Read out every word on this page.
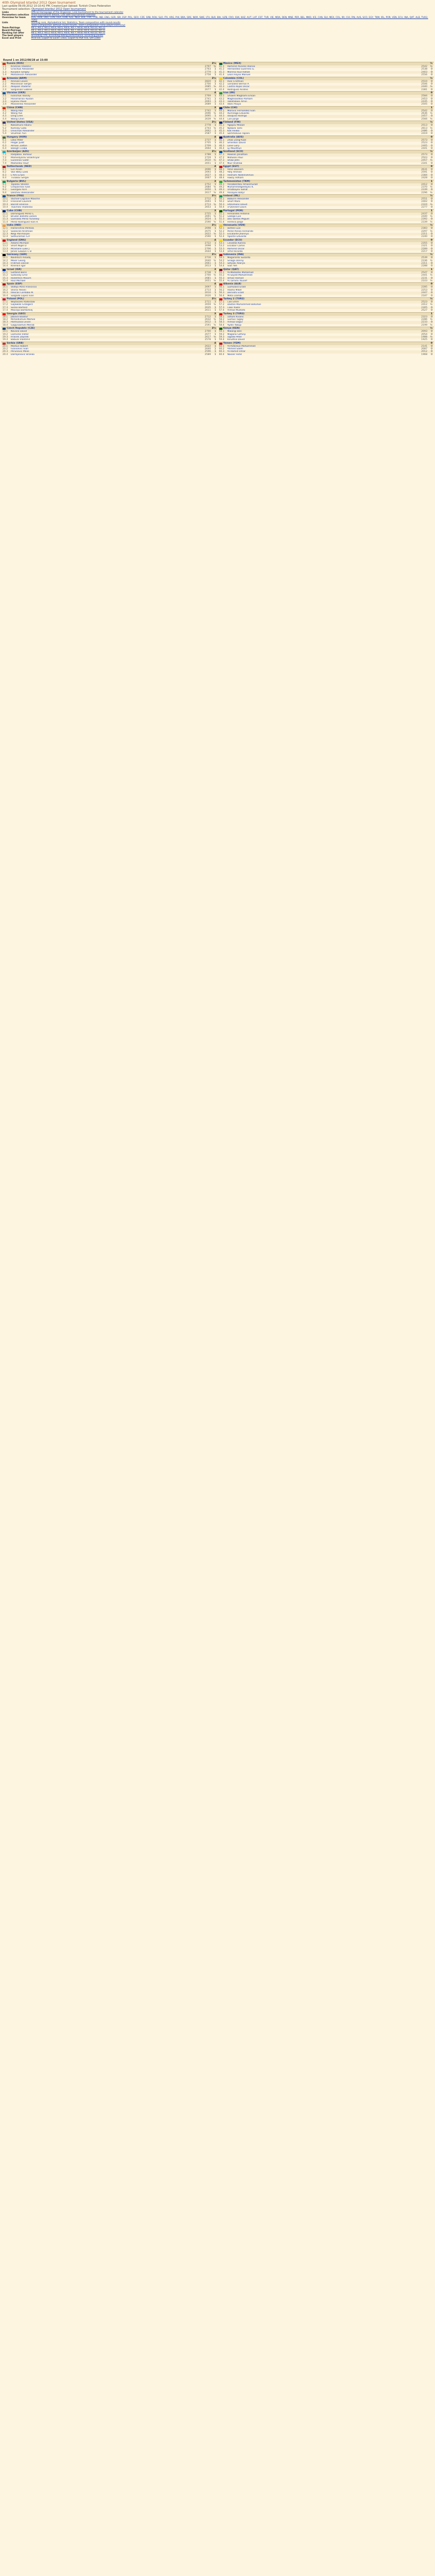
40th Olympiad Istanbul 2012 Open tournament
Last update 09.09.2012 10:10:42 PM, Creator/Last Upload: Turkish Chess Federation
Tournament selection: Olympiad Istanbul 2012 Open tournament
Links	Official Homepage of the Organizer, Link tournament to the tournament calendar
Parameters selection	show tournament details, Link with tournament-calendar
Overview for team	RUS, ARM, UKR, CHN, USA, HUN, AZE, NED, BUL, FRA, CUB, IND, ENG, GER, ISR, ESP, POL, GEO, CZE, SRB, ROU, SLO, ITA, ARG, PHI, BRA, GRE, NOR, SWE, LTU, BLR, BIH, UZB, CRO, SVK, KAZ, AUT, LAT, EST, TUR, VIE, MDA, DEN, MNE, PER, BEL, MKD, ICE, CAN, SUI, MEX, COL, IRI, CHI, FIN, AUS, SCO, EGY, TKM, IRL, POR, VEN, ECU, INA, QAT, ALB, TUR2, TUR3
Lists	Starting rank, Alphabetical list, Statistics, Team composition with round-results
	Team-Composition without round-results, Team-Composition (only player-overview)
Team-Pairings	Rd.1, Rd.2, Rd.3, Rd.4, Rd.5, Rd.6, Rd.7, Rd.8, Rd.9, Rd.10, Rd.11
Board-Pairings	Rd.1, Rd.2, Rd.3, Rd.4, Rd.5, Rd.6, Rd.7, Rd.8, Rd.9, Rd.10, Rd.11
Ranking list after	Rd.1, Rd.2, Rd.3, Rd.4, Rd.5, Rd.6, Rd.7, Rd.8, Rd.9, Rd.10, Rd.11
The best players	according TPR, according Rating performance, according points
Excel and Print	Print list, Export to Excel (.xlsx), Export to PDF-File, QR-Codes
Round 1 on 2012/08/28 at 15:00
Russia (RUS)	3½
1.1	Kramnik Vladimir	2797	½
1.2	Grischuk Alexander	2763	1
1.3	Karjakin Sergey	2779	1
1.4	Morozevich Alexander	2758	1
Mexico (MEX)	½
41.1	Ramirez Alvarez Alonso	2542	½
41.2	Hernandez Guerrero G.	2538	0
41.3	Moreno Ruiz Rafael	2403	0
41.4	Leon Hoyos Manuel	2556	0
Armenia (ARM)	3½
2.1	Aronian Levon	2820	1
2.2	Movsesian Sergei	2700	1
2.3	Akopian Vladimir	2685	½
2.4	Sargissian Gabriel	2677	1
Colombia (COL)	½
42.1	Rios Cristhian	2510	0
42.2	Gonzalez Bernal A.	2506	0
42.3	Castro Rojas Oscar	2440	½
42.4	Rodriguez Andres	2381	0
Ukraine (UKR)	4
3.1	Ivanchuk Vassily	2769	1
3.2	Ponomariov Ruslan	2741	1
3.3	Eljanov Pavel	2693	1
3.4	Moiseenko Alexander	2689	1
Iran (IRI)	0
43.1	Ghaem Maghami Ehsan	2584	0
43.2	Maghsoodloo Parham	2453	0
43.3	Tabatabaei Amin	2435	0
43.4	Idani Pouya	2505	0
China (CHN)	3
4.1	Wang Hao	2742	1
4.2	Wang Yue	2696	½
4.3	Ding Liren	2695	1
4.4	Wang Chen	2639	½
Chile (CHI)	1
44.1	Morovic Fernandez Ivan	2542	0
44.2	Iturrizaga Eduardo	2636	½
44.3	Vasquez Rodrigo	2457	0
44.4	Cori Jorge	2566	½
United States (USA)	3½
5.1	Nakamura Hikaru	2778	1
5.2	Kamsky Gata	2743	½
5.3	Onischuk Alexander	2662	1
5.4	Shulman Yuri	2587	1
Finland (FIN)	½
45.1	Agopov Mikael	2513	0
45.2	Nyback Tomi	2613	½
45.3	Kiik Heikki	2486	0
45.4	Sammalvuo Tapani	2419	0
Hungary (HUN)	4
6.1	Leko Peter	2737	1
6.2	Polgar Judit	2705	1
6.3	Almasi Zoltan	2709	1
6.4	Balogh Csaba	2664	1
Australia (AUS)	0
46.1	Zhao Zong-Yuan	2573	0
46.2	Smerdon David	2523	0
46.3	Lane Gary	2405	0
46.4	Ly Moulthun	2441	0
Azerbaijan (AZE)	3½
7.1	Radjabov Teimour	2788	1
7.2	Mamedyarov Shakhriyar	2729	1
7.3	Guseinov Gadir	2610	½
7.4	Mamedov Rauf	2651	1
Scotland (SCO)	½
47.1	Rowson Jonathan	2573	0
47.2	Motwani Paul	2503	0
47.3	Shaw John	2457	½
47.4	Muir Andrew	2341	0
Netherlands (NED)	4
8.1	Giri Anish	2696	1
8.2	Van Wely Loek	2693	1
8.3	L'Ami Erwin	2627	1
8.4	Tiviakov Sergei	2667	1
Egypt (EGY)	0
48.1	Amin Bassem	2631	0
48.2	Adly Ahmed	2591	0
48.3	Hesham Abdelrahman	2384	0
48.4	Fawzy Adham	2428	0
Bulgaria (BUL)	3
9.1	Topalov Veselin	2752	1
9.2	Cheparinov Ivan	2684	½
9.3	Georgiev Kiril	2650	1
9.4	Delchev Aleksander	2617	½
Turkmenistan (TKM)	1
49.1	Annaberdiev Amanmurad	2412	0
49.2	Muhammetgeldiyev K.	2370	½
49.3	Orazbayev Sahat	2339	0
49.4	Annayev Batyr	2296	½
France (FRA)	3½
10.1	Vachier-Lagrave Maxime	2712	1
10.2	Fressinet Laurent	2693	1
10.3	Bacrot Etienne	2713	½
10.4	Tkachiev Vladislav	2653	1
Ireland (IRL)	½
50.1	Baburin Alexander	2551	0
50.2	Short Mark	2402	0
50.3	Fitzsimons David	2324	½
50.4	O'Donnell Gavin	2277	0
Cuba (CUB)	3
11.1	Dominguez Perez L.	2725	1
11.2	Bruzon Batista Lazaro	2691	½
11.3	Quesada Perez Yuniesky	2624	1
11.4	Perez Rodriguez Isan R.	2590	½
Portugal (POR)	1
51.1	Fernandes Antonio	2437	0
51.2	Galego Luis	2440	½
51.3	Dos Santos Miguel	2392	0
51.4	Ferreira Jorge	2339	½
India (IND)	3½
12.1	Harikrishna Pentala	2698	1
12.2	Sasikiran Krishnan	2675	1
12.3	Negi Parimarjan	2622	½
12.4	Sethuraman S.P.	2590	1
Venezuela (VEN)	½
52.1	Jaimes Luis	2383	0
52.2	Perez Ponsa Fernando	2297	½
52.3	Escalante Jhonnys	2311	0
52.4	Aponte Eduardo	2240	0
England (ENG)	4
13.1	Adams Michael	2722	1
13.2	Short Nigel D	2698	1
13.3	McShane Luke J	2706	1
13.4	Jones Gawain C B	2644	1
Ecuador (ECU)	0
53.1	Cevallos Karina	2355	0
53.2	Escobar Carlos	2321	0
53.3	Ramirez Oscar	2289	0
53.4	Ortiz Ricardo	2217	0
Germany (GER)	3½
14.1	Naiditsch Arkadij	2716	1
14.2	Meier Georg	2640	½
14.3	Fridman Daniel	2661	1
14.4	Khenkin Igor	2613	1
Indonesia (INA)	½
54.1	Megaranto Susanto	2539	0
54.2	Sinaga Donny	2336	½
54.3	Setyaki Azarya	2311	0
54.4	Ivan Yeh	2288	0
Israel (ISR)	3
15.1	Gelfand Boris	2738	1
15.2	Sutovsky Emil	2700	½
15.3	Rodshtein Maxim	2681	1
15.4	Roiz Michael	2651	½
Qatar (QAT)	1
55.1	Al-Modiahki Mohamad	2547	0
55.2	Al Sayed Mohammed	2441	½
55.3	Ismail Hamad	2231	0
55.4	Al Tamimi Yousef	2103	½
Spain (ESP)	4
16.1	Vallejo Pons Francisco	2697	1
16.2	Shirov Alexei	2713	1
16.3	Illescas Cordoba M.	2610	1
16.4	Salgado Lopez Ivan	2626	1
Albania (ALB)	0
56.1	Gumularz Erald	2285	0
56.2	Hoxha Mikel	2253	0
56.3	Dervishi Erald	2447	0
56.4	Meta Llambi	2187	0
Poland (POL)	3½
17.1	Wojtaszek Radoslaw	2711	1
17.2	Gajewski Grzegorz	2659	½
17.3	Socko Bartosz	2635	1
17.4	Macieja Bartlomiej	2611	1
Turkey 2 (TUR2)	½
57.1	Can Emre	2523	0
57.2	Dastan Muhammed Batuhan	2412	½
57.3	Cakir Kadir	2305	0
57.4	Yilmaz Mustafa	2527	0
Georgia (GEO)	3
18.1	Jobava Baadur	2712	1
18.2	Mchedlishvili Mikheil	2632	½
18.3	Pantsulaia Levan	2612	1
18.4	Gagunashvili Merab	2591	½
Turkey 3 (TUR3)	1
58.1	Ozturk Kivanc	2323	0
58.2	Gumus Tugay	2286	½
58.3	Yilmaz Ozgur	2233	0
58.4	Aydin Yakup	2199	½
Czech Republic (CZE)	3½
19.1	Navara David	2700	1
19.2	Laznicka Viktor	2677	1
19.3	Hracek Zbynek	2617	½
19.4	Babula Vlastimil	2578	1
Kenya (KEN)	½
59.1	Mwangi Ben	2093	0
59.2	Magana Githinji	2054	0
59.3	Ogada Peter	1988	½
59.4	Kinuthia David	1925	0
Serbia (SRB)	4
20.1	Markus Robert	2622	1
20.2	Ivanisevic Ivan	2640	1
20.3	Perunovic Milos	2596	1
20.4	Damljanovic Branko	2589	1
Yemen (YEM)	0
60.1	Al-Aidarous Mohammed	2141	0
60.2	Ahmed Saleh	2087	0
60.3	Al-Hamid Omar	2012	0
60.4	Nasser Fahd	1968	0
